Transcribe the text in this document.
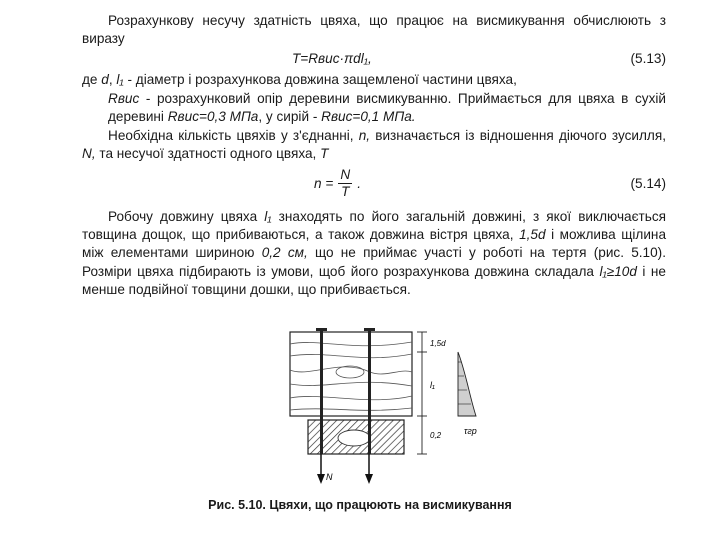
Розрахункову несучу здатність цвяха, що працює на висмикування обчислюють з виразу

T=Rвис·πdl₁,	(5.13)

де d, l₁ - діаметр і розрахункова довжина защемленої частини цвяха,

Rвис - розрахунковий опір деревини висмикуванню. Приймається для цвяха в сухій деревині Rвис=0,3 МПа, у сирій - Rвис=0,1 МПа.

Необхідна кількість цвяхів у з'єднанні, n, визначається із відношення діючого зусилля, N, та несучої здатності одного цвяха, T

n =
N
T
.	(5.14)

Робочу довжину цвяха l₁ знаходять по його загальній довжині, з якої виключається товщина дощок, що прибиваються, а також довжина вістря цвяха, 1,5d і можлива щілина між елементами шириною 0,2 см, що не приймає участі у роботі на тертя (рис. 5.10). Розміри цвяха підбирають із умови, щоб його розрахункова довжина складала l₁≥10d і не менше подвійної товщини дошки, що прибивається.

N
1,5d
l₁
0,2	τгр
Рис. 5.10. Цвяхи, що працюють на висмикування
